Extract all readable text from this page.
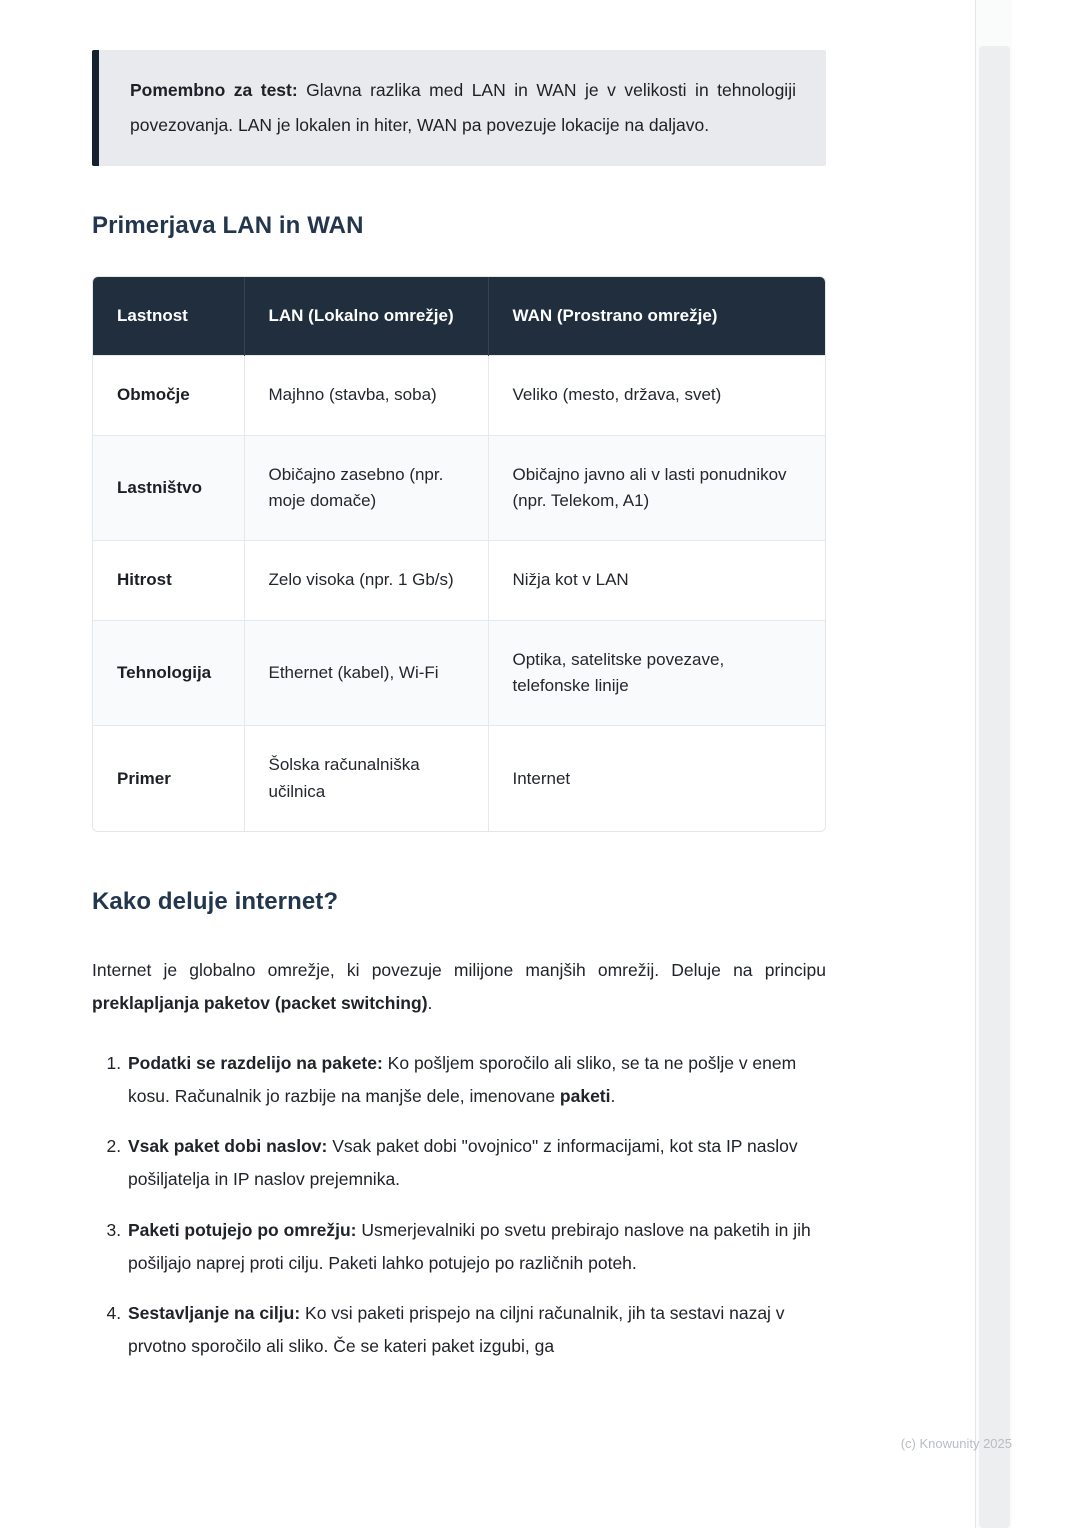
Pomembno za test: Glavna razlika med LAN in WAN je v velikosti in tehnologiji povezovanja. LAN je lokalen in hiter, WAN pa povezuje lokacije na daljavo.
Primerjava LAN in WAN
Lastnost	LAN (Lokalno omrežje)	WAN (Prostrano omrežje)
Območje	Majhno (stavba, soba)	Veliko (mesto, država, svet)
Lastništvo	Običajno zasebno (npr. moje domače)	Običajno javno ali v lasti ponudnikov (npr. Telekom, A1)
Hitrost	Zelo visoka (npr. 1 Gb/s)	Nižja kot v LAN
Tehnologija	Ethernet (kabel), Wi-Fi	Optika, satelitske povezave, telefonske linije
Primer	Šolska računalniška učilnica	Internet
Kako deluje internet?

Internet je globalno omrežje, ki povezuje milijone manjših omrežij. Deluje na principu preklapljanja paketov (packet switching).

1. Podatki se razdelijo na pakete: Ko pošljem sporočilo ali sliko, se ta ne pošlje v enem kosu. Računalnik jo razbije na manjše dele, imenovane paketi.
2. Vsak paket dobi naslov: Vsak paket dobi "ovojnico" z informacijami, kot sta IP naslov pošiljatelja in IP naslov prejemnika.
3. Paketi potujejo po omrežju: Usmerjevalniki po svetu prebirajo naslove na paketih in jih pošiljajo naprej proti cilju. Paketi lahko potujejo po različnih poteh.
4. Sestavljanje na cilju: Ko vsi paketi prispejo na ciljni računalnik, jih ta sestavi nazaj v prvotno sporočilo ali sliko. Če se kateri paket izgubi, ga
(c) Knowunity 2025
